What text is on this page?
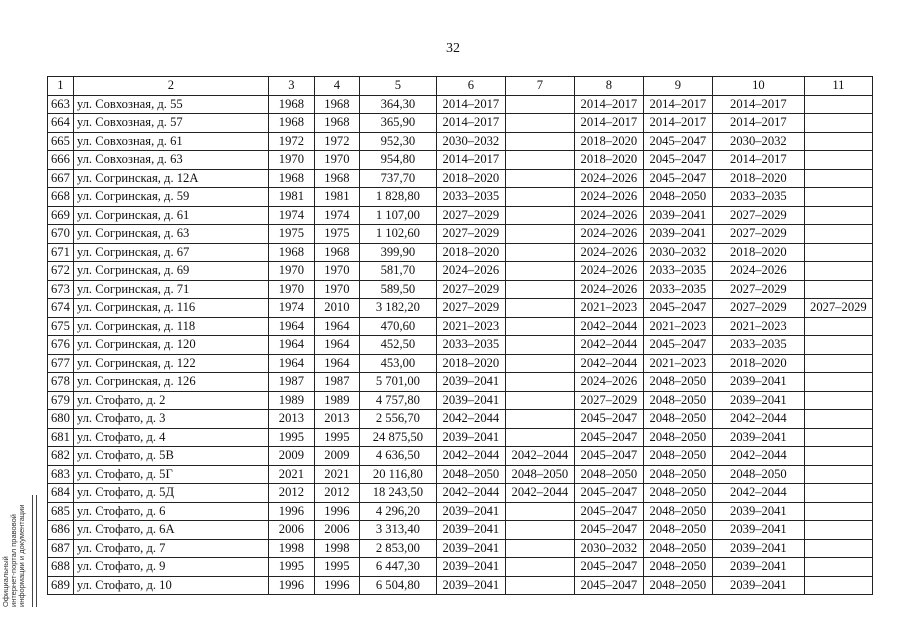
32
1	2	3	4	5	6	7	8	9	10	11
663	ул. Совхозная, д. 55	1968	1968	364,30	2014–2017		2014–2017	2014–2017	2014–2017	
664	ул. Совхозная, д. 57	1968	1968	365,90	2014–2017		2014–2017	2014–2017	2014–2017	
665	ул. Совхозная, д. 61	1972	1972	952,30	2030–2032		2018–2020	2045–2047	2030–2032	
666	ул. Совхозная, д. 63	1970	1970	954,80	2014–2017		2018–2020	2045–2047	2014–2017	
667	ул. Согринская, д. 12А	1968	1968	737,70	2018–2020		2024–2026	2045–2047	2018–2020	
668	ул. Согринская, д. 59	1981	1981	1 828,80	2033–2035		2024–2026	2048–2050	2033–2035	
669	ул. Согринская, д. 61	1974	1974	1 107,00	2027–2029		2024–2026	2039–2041	2027–2029	
670	ул. Согринская, д. 63	1975	1975	1 102,60	2027–2029		2024–2026	2039–2041	2027–2029	
671	ул. Согринская, д. 67	1968	1968	399,90	2018–2020		2024–2026	2030–2032	2018–2020	
672	ул. Согринская, д. 69	1970	1970	581,70	2024–2026		2024–2026	2033–2035	2024–2026	
673	ул. Согринская, д. 71	1970	1970	589,50	2027–2029		2024–2026	2033–2035	2027–2029	
674	ул. Согринская, д. 116	1974	2010	3 182,20	2027–2029		2021–2023	2045–2047	2027–2029	2027–2029
675	ул. Согринская, д. 118	1964	1964	470,60	2021–2023		2042–2044	2021–2023	2021–2023	
676	ул. Согринская, д. 120	1964	1964	452,50	2033–2035		2042–2044	2045–2047	2033–2035	
677	ул. Согринская, д. 122	1964	1964	453,00	2018–2020		2042–2044	2021–2023	2018–2020	
678	ул. Согринская, д. 126	1987	1987	5 701,00	2039–2041		2024–2026	2048–2050	2039–2041	
679	ул. Стофато, д. 2	1989	1989	4 757,80	2039–2041		2027–2029	2048–2050	2039–2041	
680	ул. Стофато, д. 3	2013	2013	2 556,70	2042–2044		2045–2047	2048–2050	2042–2044	
681	ул. Стофато, д. 4	1995	1995	24 875,50	2039–2041		2045–2047	2048–2050	2039–2041	
682	ул. Стофато, д. 5В	2009	2009	4 636,50	2042–2044	2042–2044	2045–2047	2048–2050	2042–2044	
683	ул. Стофато, д. 5Г	2021	2021	20 116,80	2048–2050	2048–2050	2048–2050	2048–2050	2048–2050	
684	ул. Стофато, д. 5Д	2012	2012	18 243,50	2042–2044	2042–2044	2045–2047	2048–2050	2042–2044	
685	ул. Стофато, д. 6	1996	1996	4 296,20	2039–2041		2045–2047	2048–2050	2039–2041	
686	ул. Стофато, д. 6А	2006	2006	3 313,40	2039–2041		2045–2047	2048–2050	2039–2041	
687	ул. Стофато, д. 7	1998	1998	2 853,00	2039–2041		2030–2032	2048–2050	2039–2041	
688	ул. Стофато, д. 9	1995	1995	6 447,30	2039–2041		2045–2047	2048–2050	2039–2041	
689	ул. Стофато, д. 10	1996	1996	6 504,80	2039–2041		2045–2047	2048–2050	2039–2041	
Официальный интернет-портал правовой информации и документации
